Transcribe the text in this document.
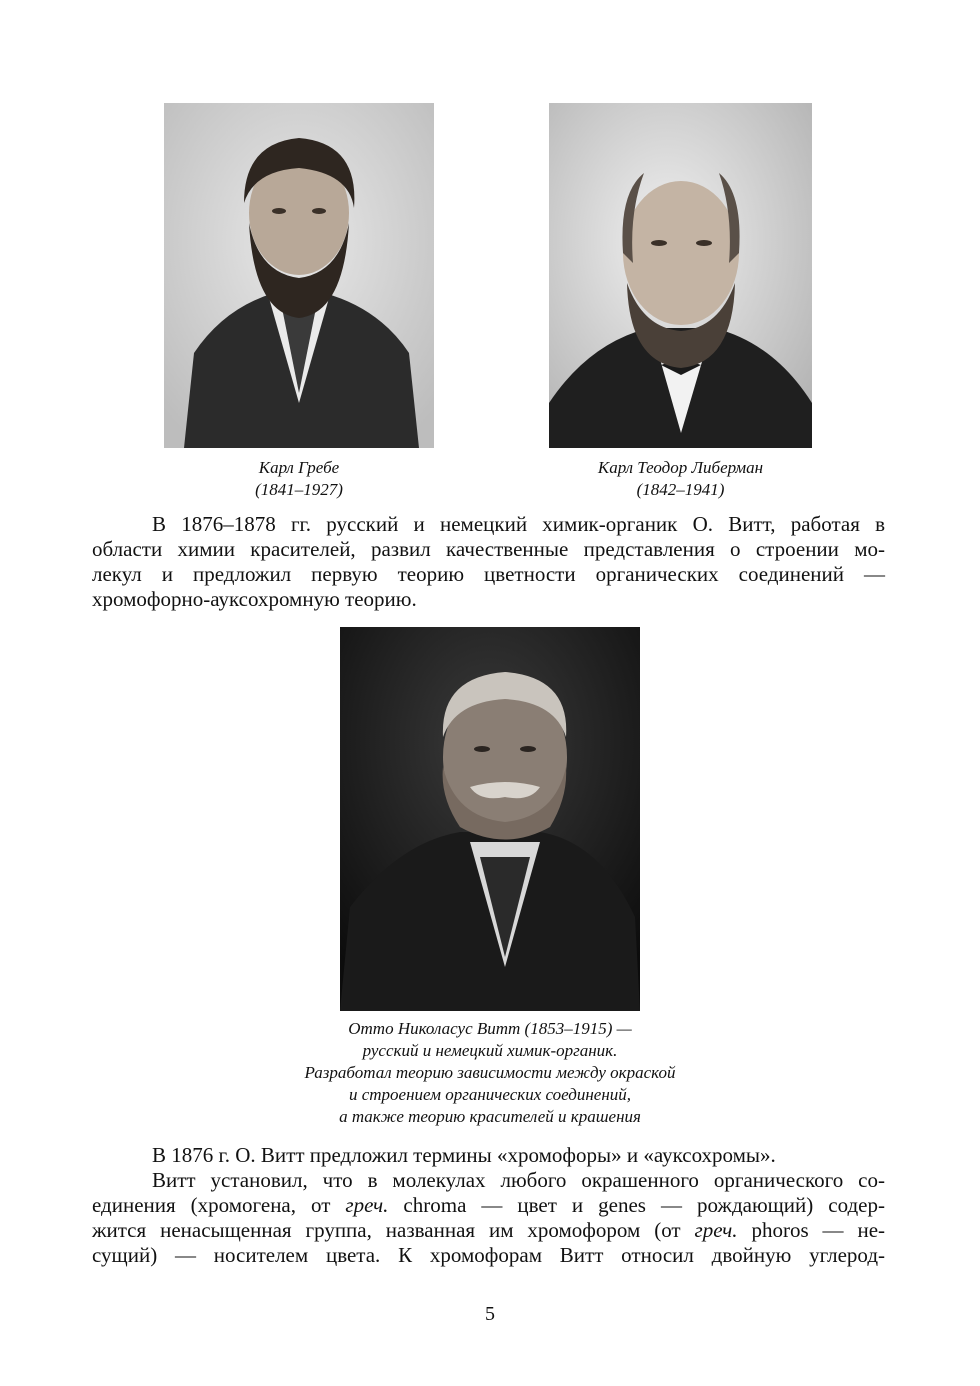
Карл Гребе
(1841–1927)
Карл Теодор Либерман
(1842–1941)
В 1876–1878 гг. русский и немецкий химик-органик О. Витт, работая в
области химии красителей, развил качественные представления о строении мо-
лекул и предложил первую теорию цветности органических соединений —
хромофорно-ауксохромную теорию.
Отто Николасус Витт (1853–1915) —
русский и немецкий химик-органик.
Разработал теорию зависимости между окраской
и строением органических соединений,
а также теорию красителей и крашения
В 1876 г. О. Витт предложил термины «хромофоры» и «ауксохромы».
Витт установил, что в молекулах любого окрашенного органического со-
единения (хромогена, от греч. chroma — цвет и genes — рождающий) содер-
жится ненасыщенная группа, названная им хромофором (от греч. phoros — не-
сущий) — носителем цвета. К хромофорам Витт относил двойную углерод-
5
